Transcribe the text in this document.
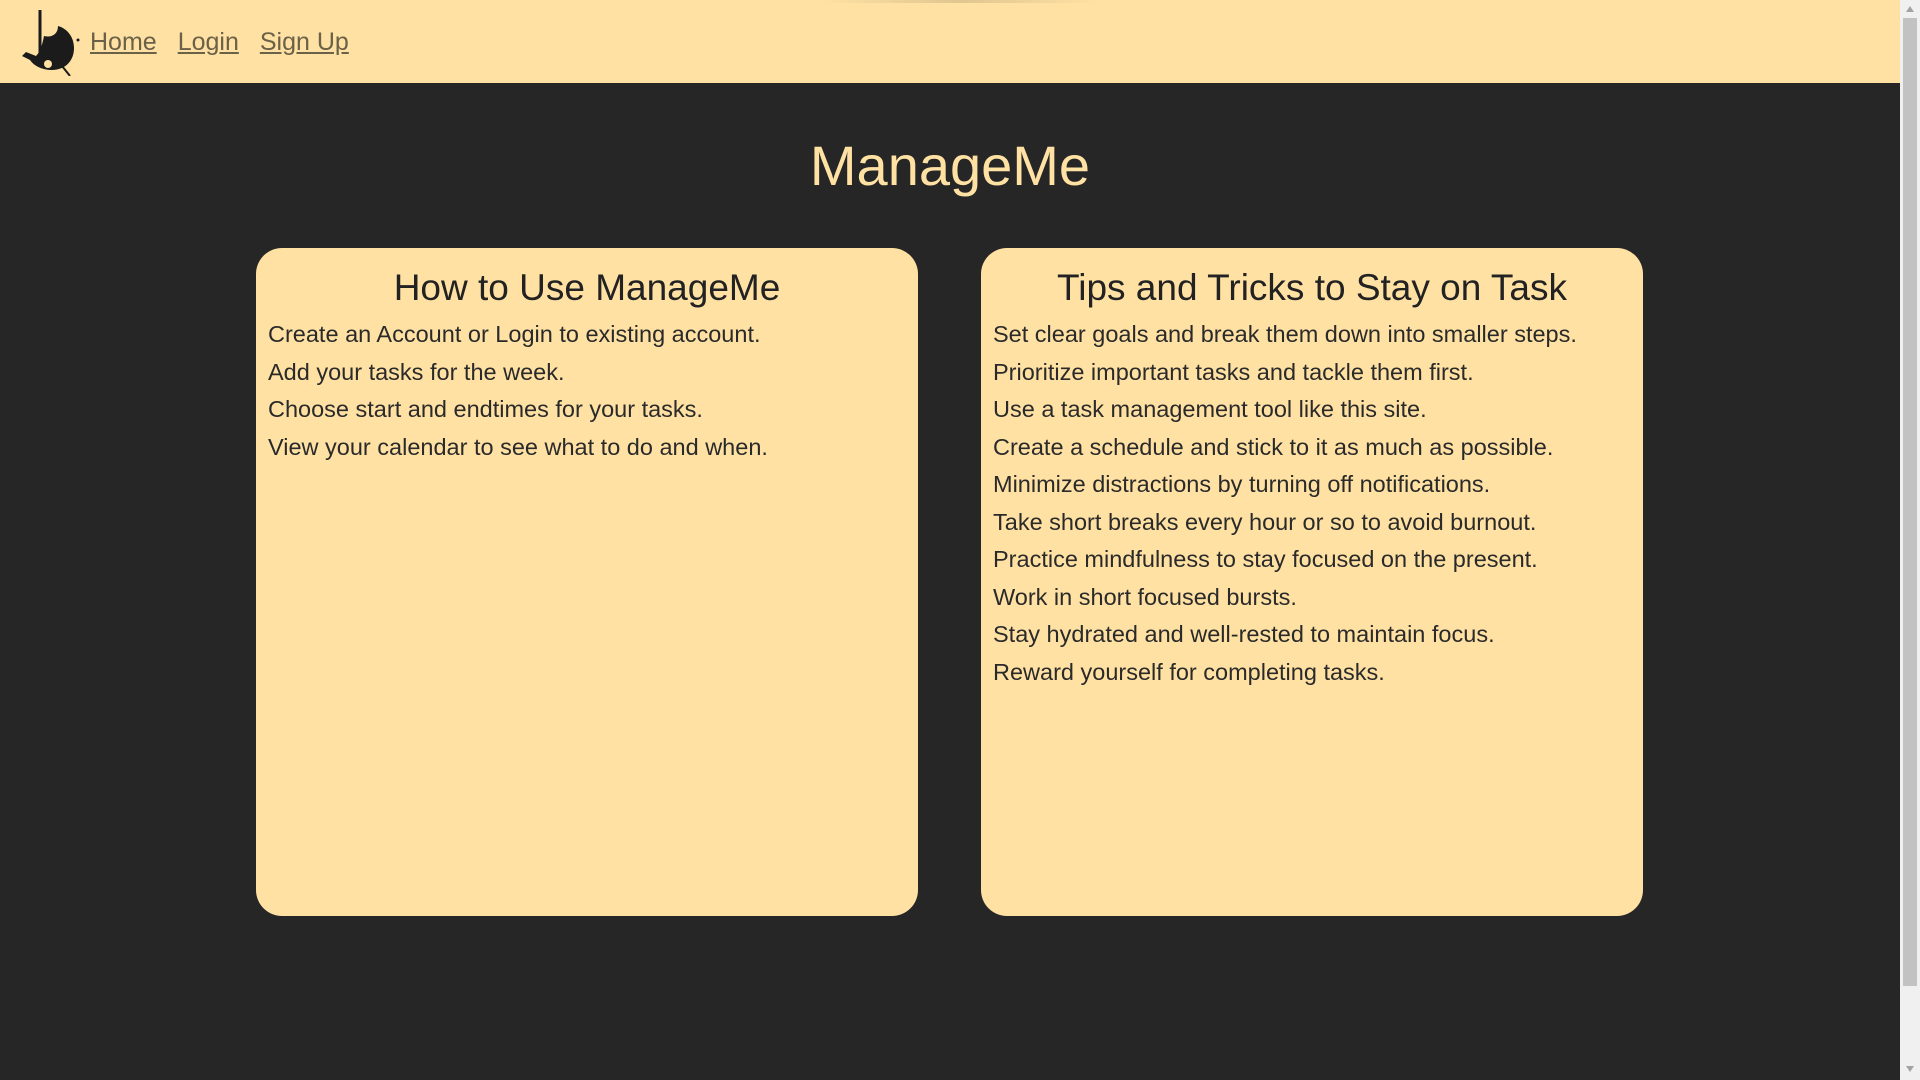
Home Login Sign Up
ManageMe
How to Use ManageMe
Create an Account or Login to existing account.
Add your tasks for the week.
Choose start and endtimes for your tasks.
View your calendar to see what to do and when.
Tips and Tricks to Stay on Task
Set clear goals and break them down into smaller steps.
Prioritize important tasks and tackle them first.
Use a task management tool like this site.
Create a schedule and stick to it as much as possible.
Minimize distractions by turning off notifications.
Take short breaks every hour or so to avoid burnout.
Practice mindfulness to stay focused on the present.
Work in short focused bursts.
Stay hydrated and well-rested to maintain focus.
Reward yourself for completing tasks.
